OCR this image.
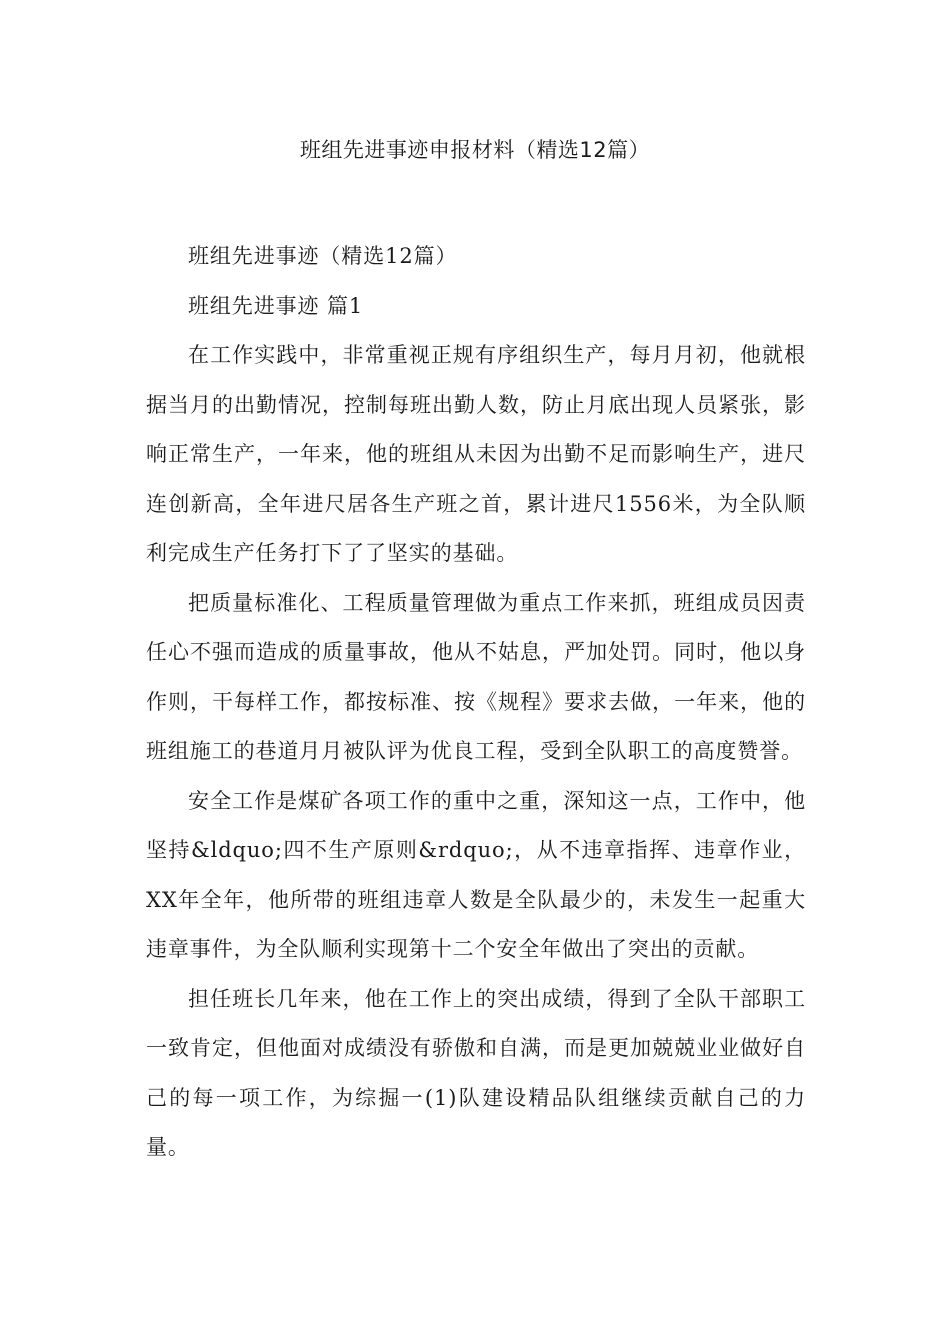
班组先进事迹申报材料（精选12篇）

班组先进事迹（精选12篇）

班组先进事迹 篇1

在工作实践中，非常重视正规有序组织生产，每月月初，他就根据当月的出勤情况，控制每班出勤人数，防止月底出现人员紧张，影响正常生产，一年来，他的班组从未因为出勤不足而影响生产，进尺连创新高，全年进尺居各生产班之首，累计进尺1556米，为全队顺利完成生产任务打下了了坚实的基础。

把质量标准化、工程质量管理做为重点工作来抓，班组成员因责任心不强而造成的质量事故，他从不姑息，严加处罚。同时，他以身作则，干每样工作，都按标准、按《规程》要求去做，一年来，他的班组施工的巷道月月被队评为优良工程，受到全队职工的高度赞誉。

安全工作是煤矿各项工作的重中之重，深知这一点，工作中，他坚持&ldquo;四不生产原则&rdquo;，从不违章指挥、违章作业，XX年全年，他所带的班组违章人数是全队最少的，未发生一起重大违章事件，为全队顺利实现第十二个安全年做出了突出的贡献。

担任班长几年来，他在工作上的突出成绩，得到了全队干部职工一致肯定，但他面对成绩没有骄傲和自满，而是更加兢兢业业做好自己的每一项工作，为综掘一(1)队建设精品队组继续贡献自己的力量。
